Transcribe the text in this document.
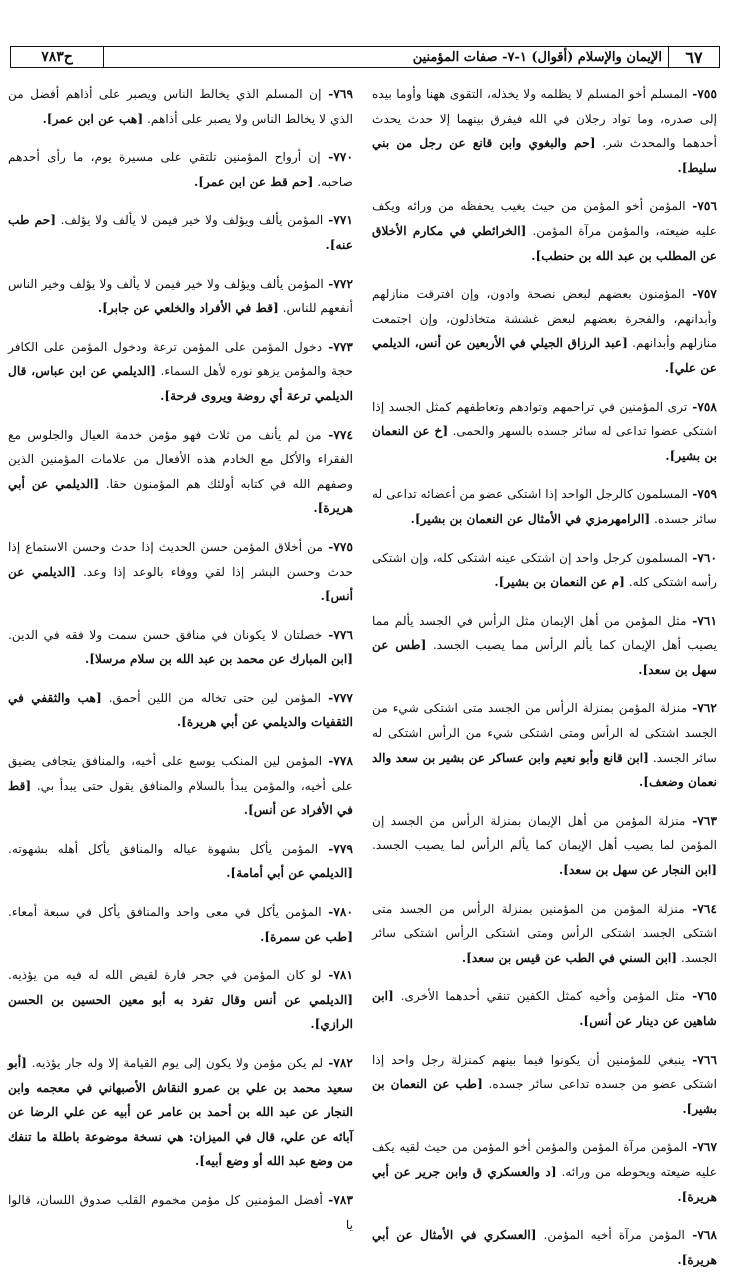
٦٧
الإيمان والإسلام (أقوال) ١-٧- صفات المؤمنين
ح٧٨٣

٧٥٥- المسلم أخو المسلم لا يظلمه ولا يخذله، التقوى ههنا وأوما بيده إلى صدره، وما تواد رجلان في الله فيفرق بينهما إلا حدث يحدث أحدهما والمحدث شر. [حم والبغوي وابن قانع عن رجل من بني سليط].

٧٥٦- المؤمن أخو المؤمن من حيث يغيب يحفظه من ورائه ويكف عليه ضيعته، والمؤمن مرآة المؤمن. [الخرائطي في مكارم الأخلاق عن المطلب بن عبد الله بن حنطب].

٧٥٧- المؤمنون بعضهم لبعض نصحة وادون، وإن افترقت منازلهم وأبدانهم، والفجرة بعضهم لبعض غششة متخاذلون، وإن اجتمعت منازلهم وأبدانهم. [عبد الرزاق الجيلي في الأربعين عن أنس، الديلمي عن علي].

٧٥٨- ترى المؤمنين في تراحمهم وتوادهم وتعاطفهم كمثل الجسد إذا اشتكى عضوا تداعى له سائر جسده بالسهر والحمى. [خ عن النعمان بن بشير].

٧٥٩- المسلمون كالرجل الواحد إذا اشتكى عضو من أعضائه تداعى له سائر جسده. [الرامهرمزي في الأمثال عن النعمان بن بشير].

٧٦٠- المسلمون كرجل واحد إن اشتكى عينه اشتكى كله، وإن اشتكى رأسه اشتكى كله. [م عن النعمان بن بشير].

٧٦١- مثل المؤمن من أهل الإيمان مثل الرأس في الجسد يألم مما يصيب أهل الإيمان كما يألم الرأس مما يصيب الجسد. [طس عن سهل بن سعد].

٧٦٢- منزلة المؤمن بمنزلة الرأس من الجسد متى اشتكى شيء من الجسد اشتكى له الرأس ومتى اشتكى شيء من الرأس اشتكى له سائر الجسد. [ابن قانع وأبو نعيم وابن عساكر عن بشير بن سعد والد نعمان وضعف].

٧٦٣- منزلة المؤمن من أهل الإيمان بمنزلة الرأس من الجسد إن المؤمن لما يصيب أهل الإيمان كما يألم الرأس لما يصيب الجسد. [ابن النجار عن سهل بن سعد].

٧٦٤- منزلة المؤمن من المؤمنين بمنزلة الرأس من الجسد متى اشتكى الجسد اشتكى الرأس ومتى اشتكى الرأس اشتكى سائر الجسد. [ابن السني في الطب عن قيس بن سعد].

٧٦٥- مثل المؤمن وأخيه كمثل الكفين تنقي أحدهما الأخرى. [ابن شاهين عن دينار عن أنس].

٧٦٦- ينبغي للمؤمنين أن يكونوا فيما بينهم كمنزلة رجل واحد إذا اشتكى عضو من جسده تداعى سائر جسده. [طب عن النعمان بن بشير].

٧٦٧- المؤمن مرآة المؤمن والمؤمن أخو المؤمن من حيث لقيه يكف عليه ضيعته ويحوطه من ورائه. [د والعسكري ق وابن جرير عن أبي هريرة].

٧٦٨- المؤمن مرآة أخيه المؤمن. [العسكري في الأمثال عن أبي هريرة].

٧٦٩- إن المسلم الذي يخالط الناس ويصبر على أذاهم أفضل من الذي لا يخالط الناس ولا يصبر على أذاهم. [هب عن ابن عمر].

٧٧٠- إن أرواح المؤمنين تلتقي على مسيرة يوم، ما رأى أحدهم صاحبه. [حم قط عن ابن عمر].

٧٧١- المؤمن يألف ويؤلف ولا خير فيمن لا يألف ولا يؤلف. [حم طب عنه].

٧٧٢- المؤمن يألف ويؤلف ولا خير فيمن لا يألف ولا يؤلف وخير الناس أنفعهم للناس. [قط في الأفراد والخلعي عن جابر].

٧٧٣- دخول المؤمن على المؤمن ترعة ودخول المؤمن على الكافر حجة والمؤمن يزهو نوره لأهل السماء. [الديلمي عن ابن عباس، قال الديلمي ترعة أي روضة ويروى فرحة].

٧٧٤- من لم يأنف من ثلاث فهو مؤمن خدمة العيال والجلوس مع الفقراء والأكل مع الخادم هذه الأفعال من علامات المؤمنين الذين وصفهم الله في كتابه أولئك هم المؤمنون حقا. [الديلمي عن أبي هريرة].

٧٧٥- من أخلاق المؤمن حسن الحديث إذا حدث وحسن الاستماع إذا حدث وحسن البشر إذا لقي ووفاء بالوعد إذا وعد. [الديلمي عن أنس].

٧٧٦- خصلتان لا يكونان في منافق حسن سمت ولا فقه في الدين. [ابن المبارك عن محمد بن عبد الله بن سلام مرسلا].

٧٧٧- المؤمن لين حتى تخاله من اللين أحمق. [هب والثقفي في الثقفيات والديلمي عن أبي هريرة].

٧٧٨- المؤمن لين المنكب يوسع على أخيه، والمنافق يتجافى يضيق على أخيه، والمؤمن يبدأ بالسلام والمنافق يقول حتى يبدأ بي. [قط في الأفراد عن أنس].

٧٧٩- المؤمن يأكل بشهوة عياله والمنافق يأكل أهله بشهوته. [الديلمي عن أبي أمامة].

٧٨٠- المؤمن يأكل في معى واحد والمنافق يأكل في سبعة أمعاء. [طب عن سمرة].

٧٨١- لو كان المؤمن في جحر فارة لقيض الله له فيه من يؤذيه. [الديلمي عن أنس وقال تفرد به أبو معين الحسين بن الحسن الرازي].

٧٨٢- لم يكن مؤمن ولا يكون إلى يوم القيامة إلا وله جار يؤذيه. [أبو سعيد محمد بن علي بن عمرو النقاش الأصبهاني في معجمه وابن النجار عن عبد الله بن أحمد بن عامر عن أبيه عن علي الرضا عن آبائه عن علي، قال في الميزان: هي نسخة موضوعة باطلة ما تنفك من وضع عبد الله أو وضع أبيه].

٧٨٣- أفضل المؤمنين كل مؤمن مخموم القلب صدوق اللسان، قالوا يا
